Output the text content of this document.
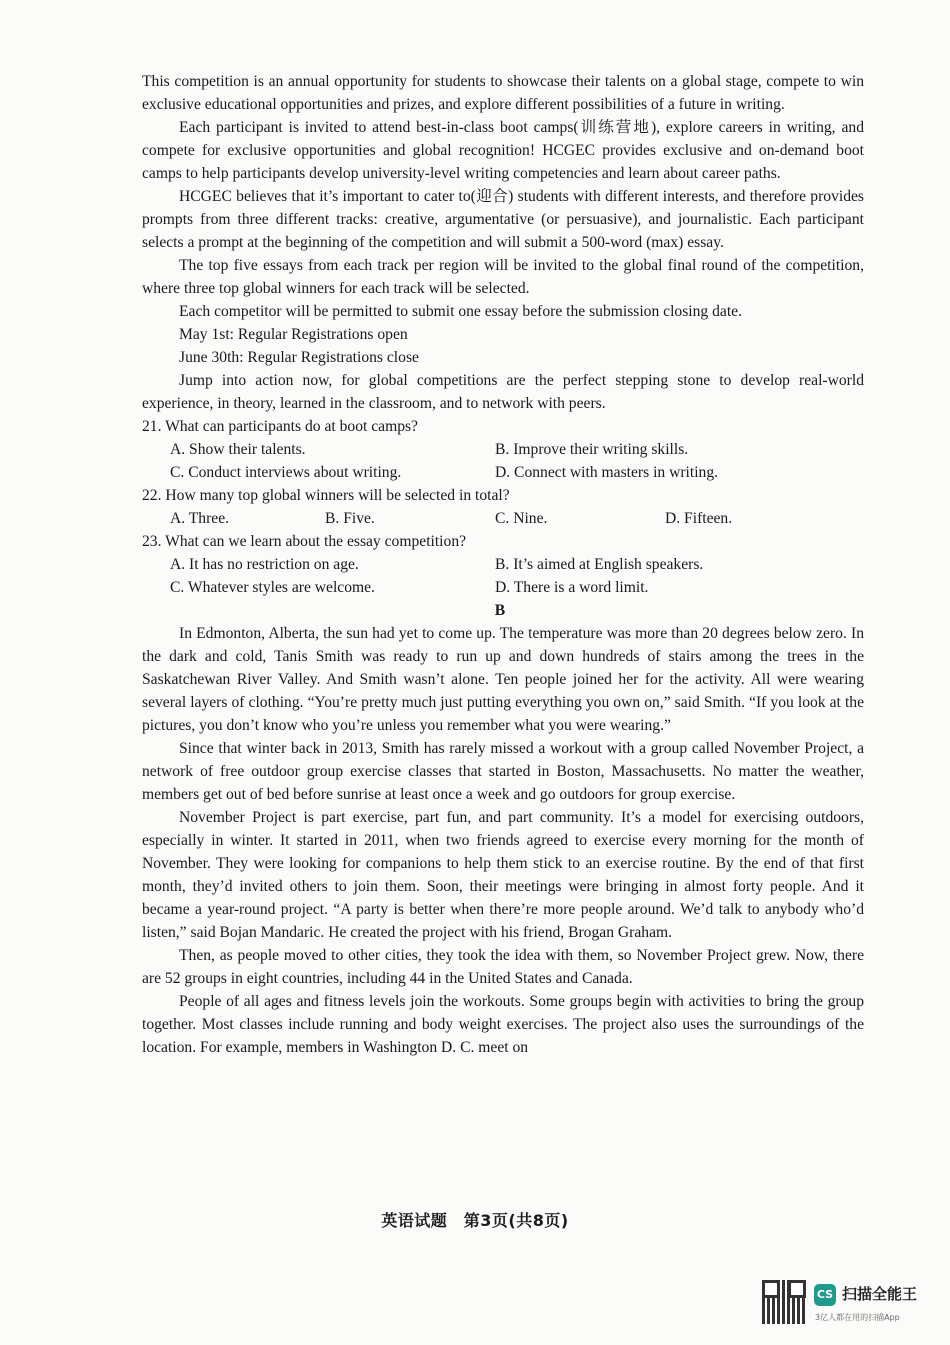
This competition is an annual opportunity for students to showcase their talents on a global stage, compete to win exclusive educational opportunities and prizes, and explore different possibilities of a future in writing.

Each participant is invited to attend best-in-class boot camps(训练营地), explore careers in writing, and compete for exclusive opportunities and global recognition! HCGEC provides exclusive and on-demand boot camps to help participants develop university-level writing competencies and learn about career paths.

HCGEC believes that it’s important to cater to(迎合) students with different interests, and therefore provides prompts from three different tracks: creative, argumentative (or persuasive), and journalistic. Each participant selects a prompt at the beginning of the competition and will submit a 500-word (max) essay.

The top five essays from each track per region will be invited to the global final round of the competition, where three top global winners for each track will be selected.

Each competitor will be permitted to submit one essay before the submission closing date.

May 1st: Regular Registrations open

June 30th: Regular Registrations close

Jump into action now, for global competitions are the perfect stepping stone to develop real-world experience, in theory, learned in the classroom, and to network with peers.

21. What can participants do at boot camps?

A. Show their talents.	B. Improve their writing skills.
C. Conduct interviews about writing.	D. Connect with masters in writing.

22. How many top global winners will be selected in total?

A. Three.	B. Five.	C. Nine.	D. Fifteen.

23. What can we learn about the essay competition?

A. It has no restriction on age.	B. It’s aimed at English speakers.
C. Whatever styles are welcome.	D. There is a word limit.

B

In Edmonton, Alberta, the sun had yet to come up. The temperature was more than 20 degrees below zero. In the dark and cold, Tanis Smith was ready to run up and down hundreds of stairs among the trees in the Saskatchewan River Valley. And Smith wasn’t alone. Ten people joined her for the activity. All were wearing several layers of clothing. “You’re pretty much just putting everything you own on,” said Smith. “If you look at the pictures, you don’t know who you’re unless you remember what you were wearing.”

Since that winter back in 2013, Smith has rarely missed a workout with a group called November Project, a network of free outdoor group exercise classes that started in Boston, Massachusetts. No matter the weather, members get out of bed before sunrise at least once a week and go outdoors for group exercise.

November Project is part exercise, part fun, and part community. It’s a model for exercising outdoors, especially in winter. It started in 2011, when two friends agreed to exercise every morning for the month of November. They were looking for companions to help them stick to an exercise routine. By the end of that first month, they’d invited others to join them. Soon, their meetings were bringing in almost forty people. And it became a year-round project. “A party is better when there’re more people around. We’d talk to anybody who’d listen,” said Bojan Mandaric. He created the project with his friend, Brogan Graham.

Then, as people moved to other cities, they took the idea with them, so November Project grew. Now, there are 52 groups in eight countries, including 44 in the United States and Canada.

People of all ages and fitness levels join the workouts. Some groups begin with activities to bring the group together. Most classes include running and body weight exercises. The project also uses the surroundings of the location. For example, members in Washington D. C. meet on

英语试题　第3页(共8页)
CS 扫描全能王
3亿人都在用的扫描App
